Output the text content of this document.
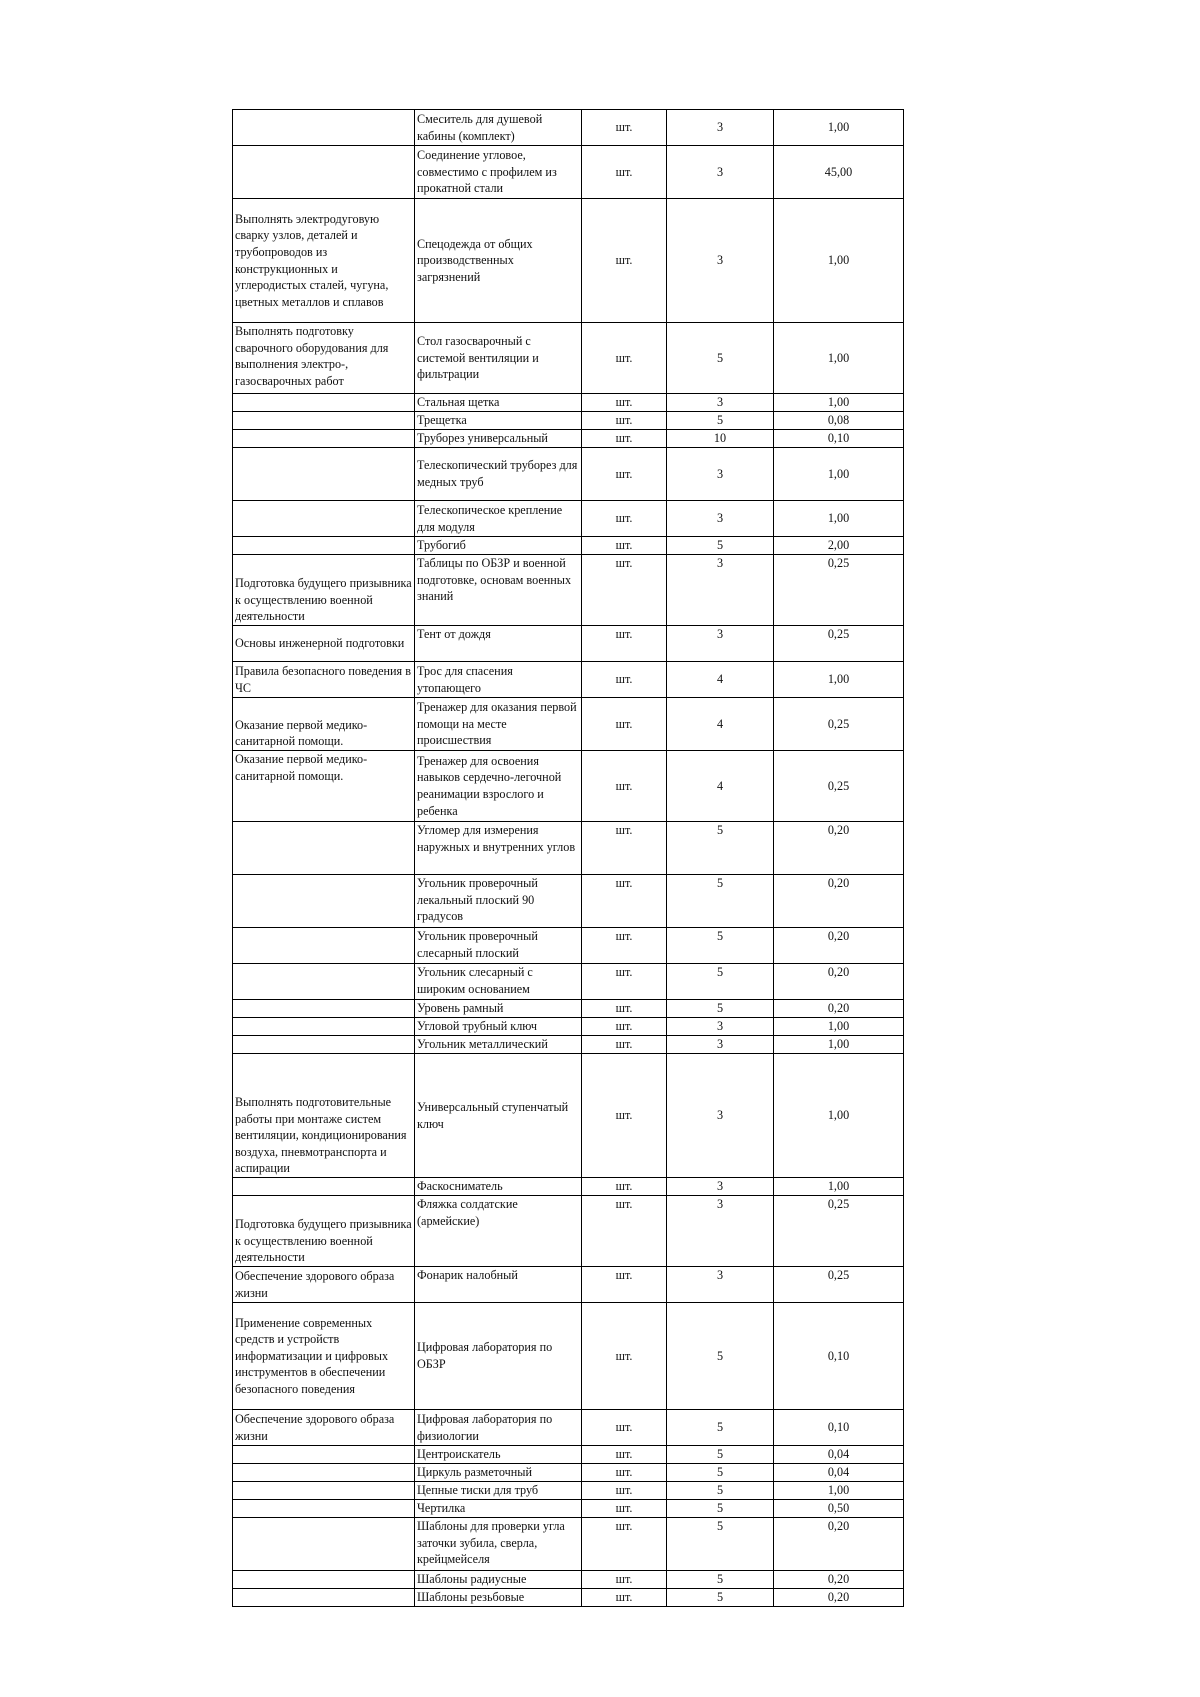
	Смеситель для душевой кабины (комплект)	шт.	3	1,00
	Соединение угловое, совместимо с профилем из прокатной стали	шт.	3	45,00
Выполнять электродуговую сварку узлов, деталей и трубопроводов из конструкционных и углеродистых сталей, чугуна, цветных металлов и сплавов	Спецодежда от общих производственных загрязнений	шт.	3	1,00
Выполнять подготовку сварочного оборудования для выполнения электро-, газосварочных работ	Стол газосварочный с системой вентиляции и фильтрации	шт.	5	1,00
	Стальная щетка	шт.	3	1,00
	Трещетка	шт.	5	0,08
	Труборез универсальный	шт.	10	0,10
	Телескопический труборез для медных труб	шт.	3	1,00
	Телескопическое крепление для модуля	шт.	3	1,00
	Трубогиб	шт.	5	2,00
Подготовка будущего призывника к осуществлению военной деятельности	Таблицы по ОБЗР и военной подготовке, основам военных знаний	шт.	3	0,25
Основы инженерной подготовки	Тент от дождя	шт.	3	0,25
Правила безопасного поведения в ЧС	Трос для спасения утопающего	шт.	4	1,00
Оказание первой медико-санитарной помощи.	Тренажер для оказания первой помощи на месте происшествия	шт.	4	0,25
Оказание первой медико-санитарной помощи.	Тренажер для освоения навыков сердечно-легочной реанимации взрослого и ребенка	шт.	4	0,25
	Угломер для измерения наружных и внутренних углов	шт.	5	0,20
	Угольник проверочный лекальный плоский 90 градусов	шт.	5	0,20
	Угольник проверочный слесарный плоский	шт.	5	0,20
	Угольник слесарный с широким основанием	шт.	5	0,20
	Уровень рамный	шт.	5	0,20
	Угловой трубный ключ	шт.	3	1,00
	Угольник металлический	шт.	3	1,00
Выполнять подготовительные работы при монтаже систем вентиляции, кондиционирования воздуха, пневмотранспорта и аспирации	Универсальный ступенчатый ключ	шт.	3	1,00
	Фаскосниматель	шт.	3	1,00
Подготовка будущего призывника к осуществлению военной деятельности	Фляжка солдатские (армейские)	шт.	3	0,25
Обеспечение здорового образа жизни	Фонарик налобный	шт.	3	0,25
Применение современных средств и устройств информатизации и цифровых инструментов в обеспечении безопасного поведения	Цифровая лаборатория по ОБЗР	шт.	5	0,10
Обеспечение здорового образа жизни	Цифровая лаборатория по физиологии	шт.	5	0,10
	Центроискатель	шт.	5	0,04
	Циркуль разметочный	шт.	5	0,04
	Цепные тиски для труб	шт.	5	1,00
	Чертилка	шт.	5	0,50
	Шаблоны для проверки угла заточки зубила, сверла, крейцмейселя	шт.	5	0,20
	Шаблоны радиусные	шт.	5	0,20
	Шаблоны резьбовые	шт.	5	0,20
